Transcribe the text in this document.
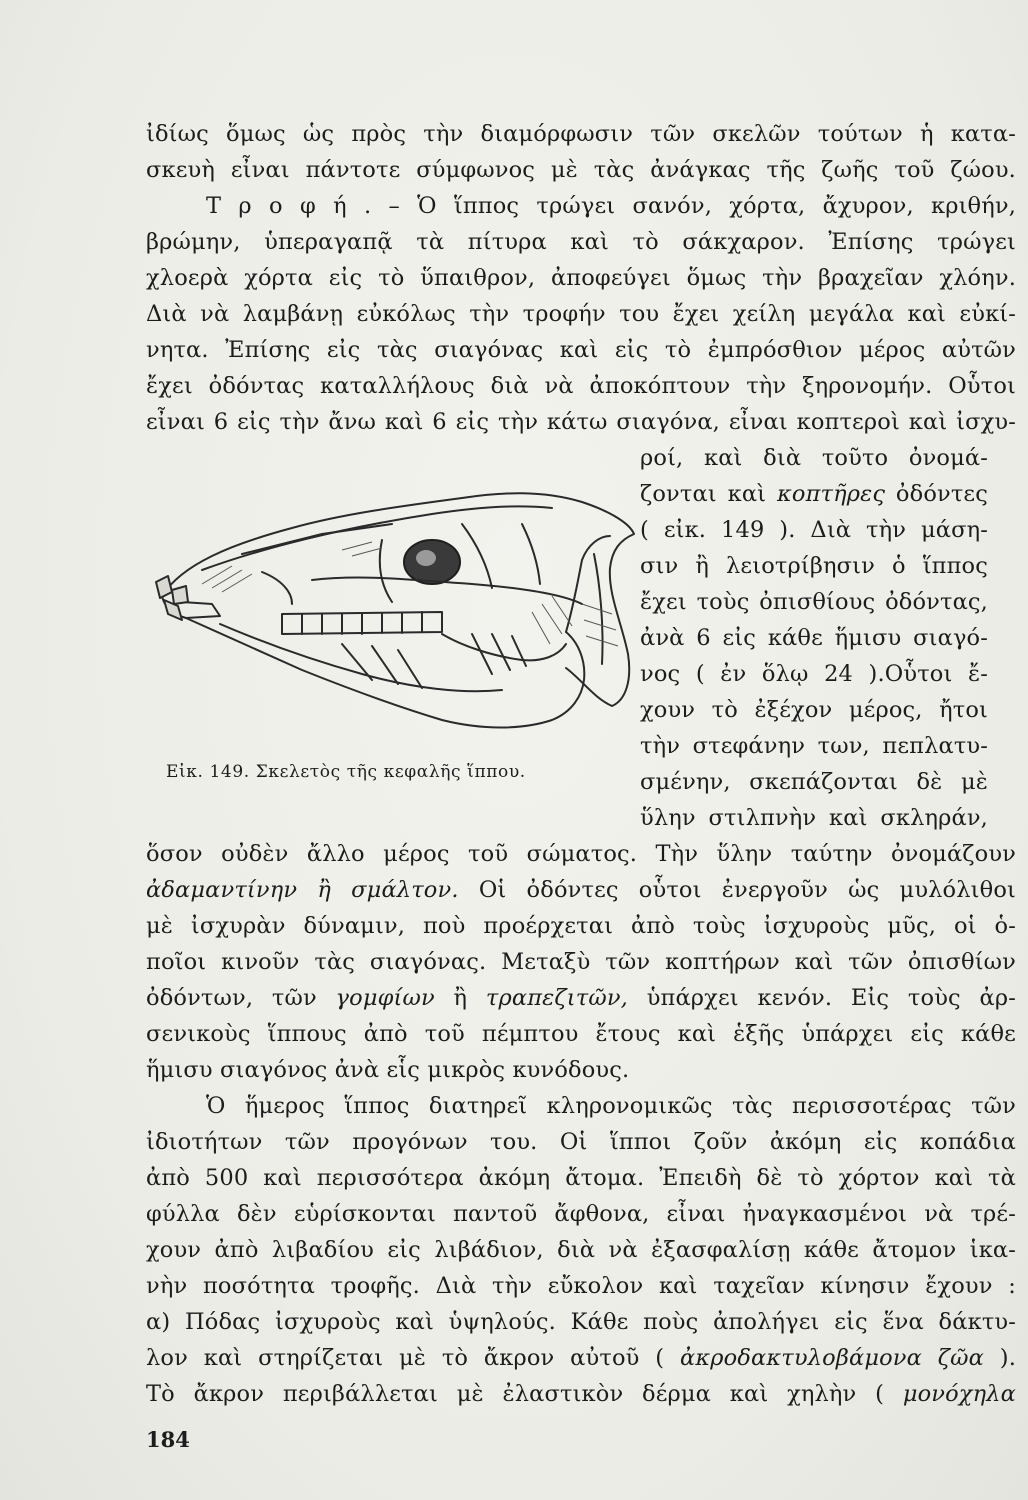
ἰδίως ὅμως ὡς πρὸς τὴν διαμόρφωσιν τῶν σκελῶν τούτων ἡ κατα-
σκευὴ εἶναι πάντοτε σύμφωνος μὲ τὰς ἀνάγκας τῆς ζωῆς τοῦ ζώου.
Τ ρ ο φ ή . – Ὁ ἵππος τρώγει σανόν, χόρτα, ἄχυρον, κριθήν,
βρώμην, ὑπεραγαπᾷ τὰ πίτυρα καὶ τὸ σάκχαρον. Ἐπίσης τρώγει
χλοερὰ χόρτα εἰς τὸ ὕπαιθρον, ἀποφεύγει ὅμως τὴν βραχεῖαν χλόην.
Διὰ νὰ λαμβάνῃ εὐκόλως τὴν τροφήν του ἔχει χείλη μεγάλα καὶ εὐκί-
νητα. Ἐπίσης εἰς τὰς σιαγόνας καὶ εἰς τὸ ἐμπρόσθιον μέρος αὐτῶν
ἔχει ὀδόντας καταλλήλους διὰ νὰ ἀποκόπτουν τὴν ξηρονομήν. Οὗτοι
εἶναι 6 εἰς τὴν ἄνω καὶ 6 εἰς τὴν κάτω σιαγόνα, εἶναι κοπτεροὶ καὶ ἰσχυ-
ροί, καὶ διὰ τοῦτο ὀνομά-
ζονται καὶ κοπτῆρες ὀδόντες
( εἰκ. 149 ). Διὰ τὴν μάση-
σιν ἢ λειοτρίβησιν ὁ ἵππος
ἔχει τοὺς ὀπισθίους ὀδόντας,
ἀνὰ 6 εἰς κάθε ἥμισυ σιαγό-
νος ( ἐν ὅλῳ 24 ).Οὗτοι ἔ-
χουν τὸ ἐξέχον μέρος, ἤτοι
τὴν στεφάνην των, πεπλατυ-
σμένην, σκεπάζονται δὲ μὲ
ὕλην στιλπνὴν καὶ σκληράν,
Εἰκ. 149. Σκελετὸς τῆς κεφαλῆς ἵππου.
ὅσον οὐδὲν ἄλλο μέρος τοῦ σώματος. Τὴν ὕλην ταύτην ὀνομάζουν
ἀδαμαντίνην ἢ σμάλτον. Οἱ ὀδόντες οὗτοι ἐνεργοῦν ὡς μυλόλιθοι
μὲ ἰσχυρὰν δύναμιν, ποὺ προέρχεται ἀπὸ τοὺς ἰσχυροὺς μῦς, οἱ ὁ-
ποῖοι κινοῦν τὰς σιαγόνας. Μεταξὺ τῶν κοπτήρων καὶ τῶν ὀπισθίων
ὀδόντων, τῶν γομφίων ἢ τραπεζιτῶν, ὑπάρχει κενόν. Εἰς τοὺς ἀρ-
σενικοὺς ἵππους ἀπὸ τοῦ πέμπτου ἔτους καὶ ἑξῆς ὑπάρχει εἰς κάθε
ἥμισυ σιαγόνος ἀνὰ εἷς μικρὸς κυνόδους.
Ὁ ἥμερος ἵππος διατηρεῖ κληρονομικῶς τὰς περισσοτέρας τῶν
ἰδιοτήτων τῶν προγόνων του. Οἱ ἵπποι ζοῦν ἀκόμη εἰς κοπάδια
ἀπὸ 500 καὶ περισσότερα ἀκόμη ἄτομα. Ἐπειδὴ δὲ τὸ χόρτον καὶ τὰ
φύλλα δὲν εὑρίσκονται παντοῦ ἄφθονα, εἶναι ἠναγκασμένοι νὰ τρέ-
χουν ἀπὸ λιβαδίου εἰς λιβάδιον, διὰ νὰ ἐξασφαλίσῃ κάθε ἄτομον ἱκα-
νὴν ποσότητα τροφῆς. Διὰ τὴν εὔκολον καὶ ταχεῖαν κίνησιν ἔχουν :
α) Πόδας ἰσχυροὺς καὶ ὑψηλούς. Κάθε ποὺς ἀπολήγει εἰς ἕνα δάκτυ-
λον καὶ στηρίζεται μὲ τὸ ἄκρον αὐτοῦ ( ἀκροδακτυλοβάμονα ζῶα ).
Τὸ ἄκρον περιβάλλεται μὲ ἐλαστικὸν δέρμα καὶ χηλὴν ( μονόχηλα
184
